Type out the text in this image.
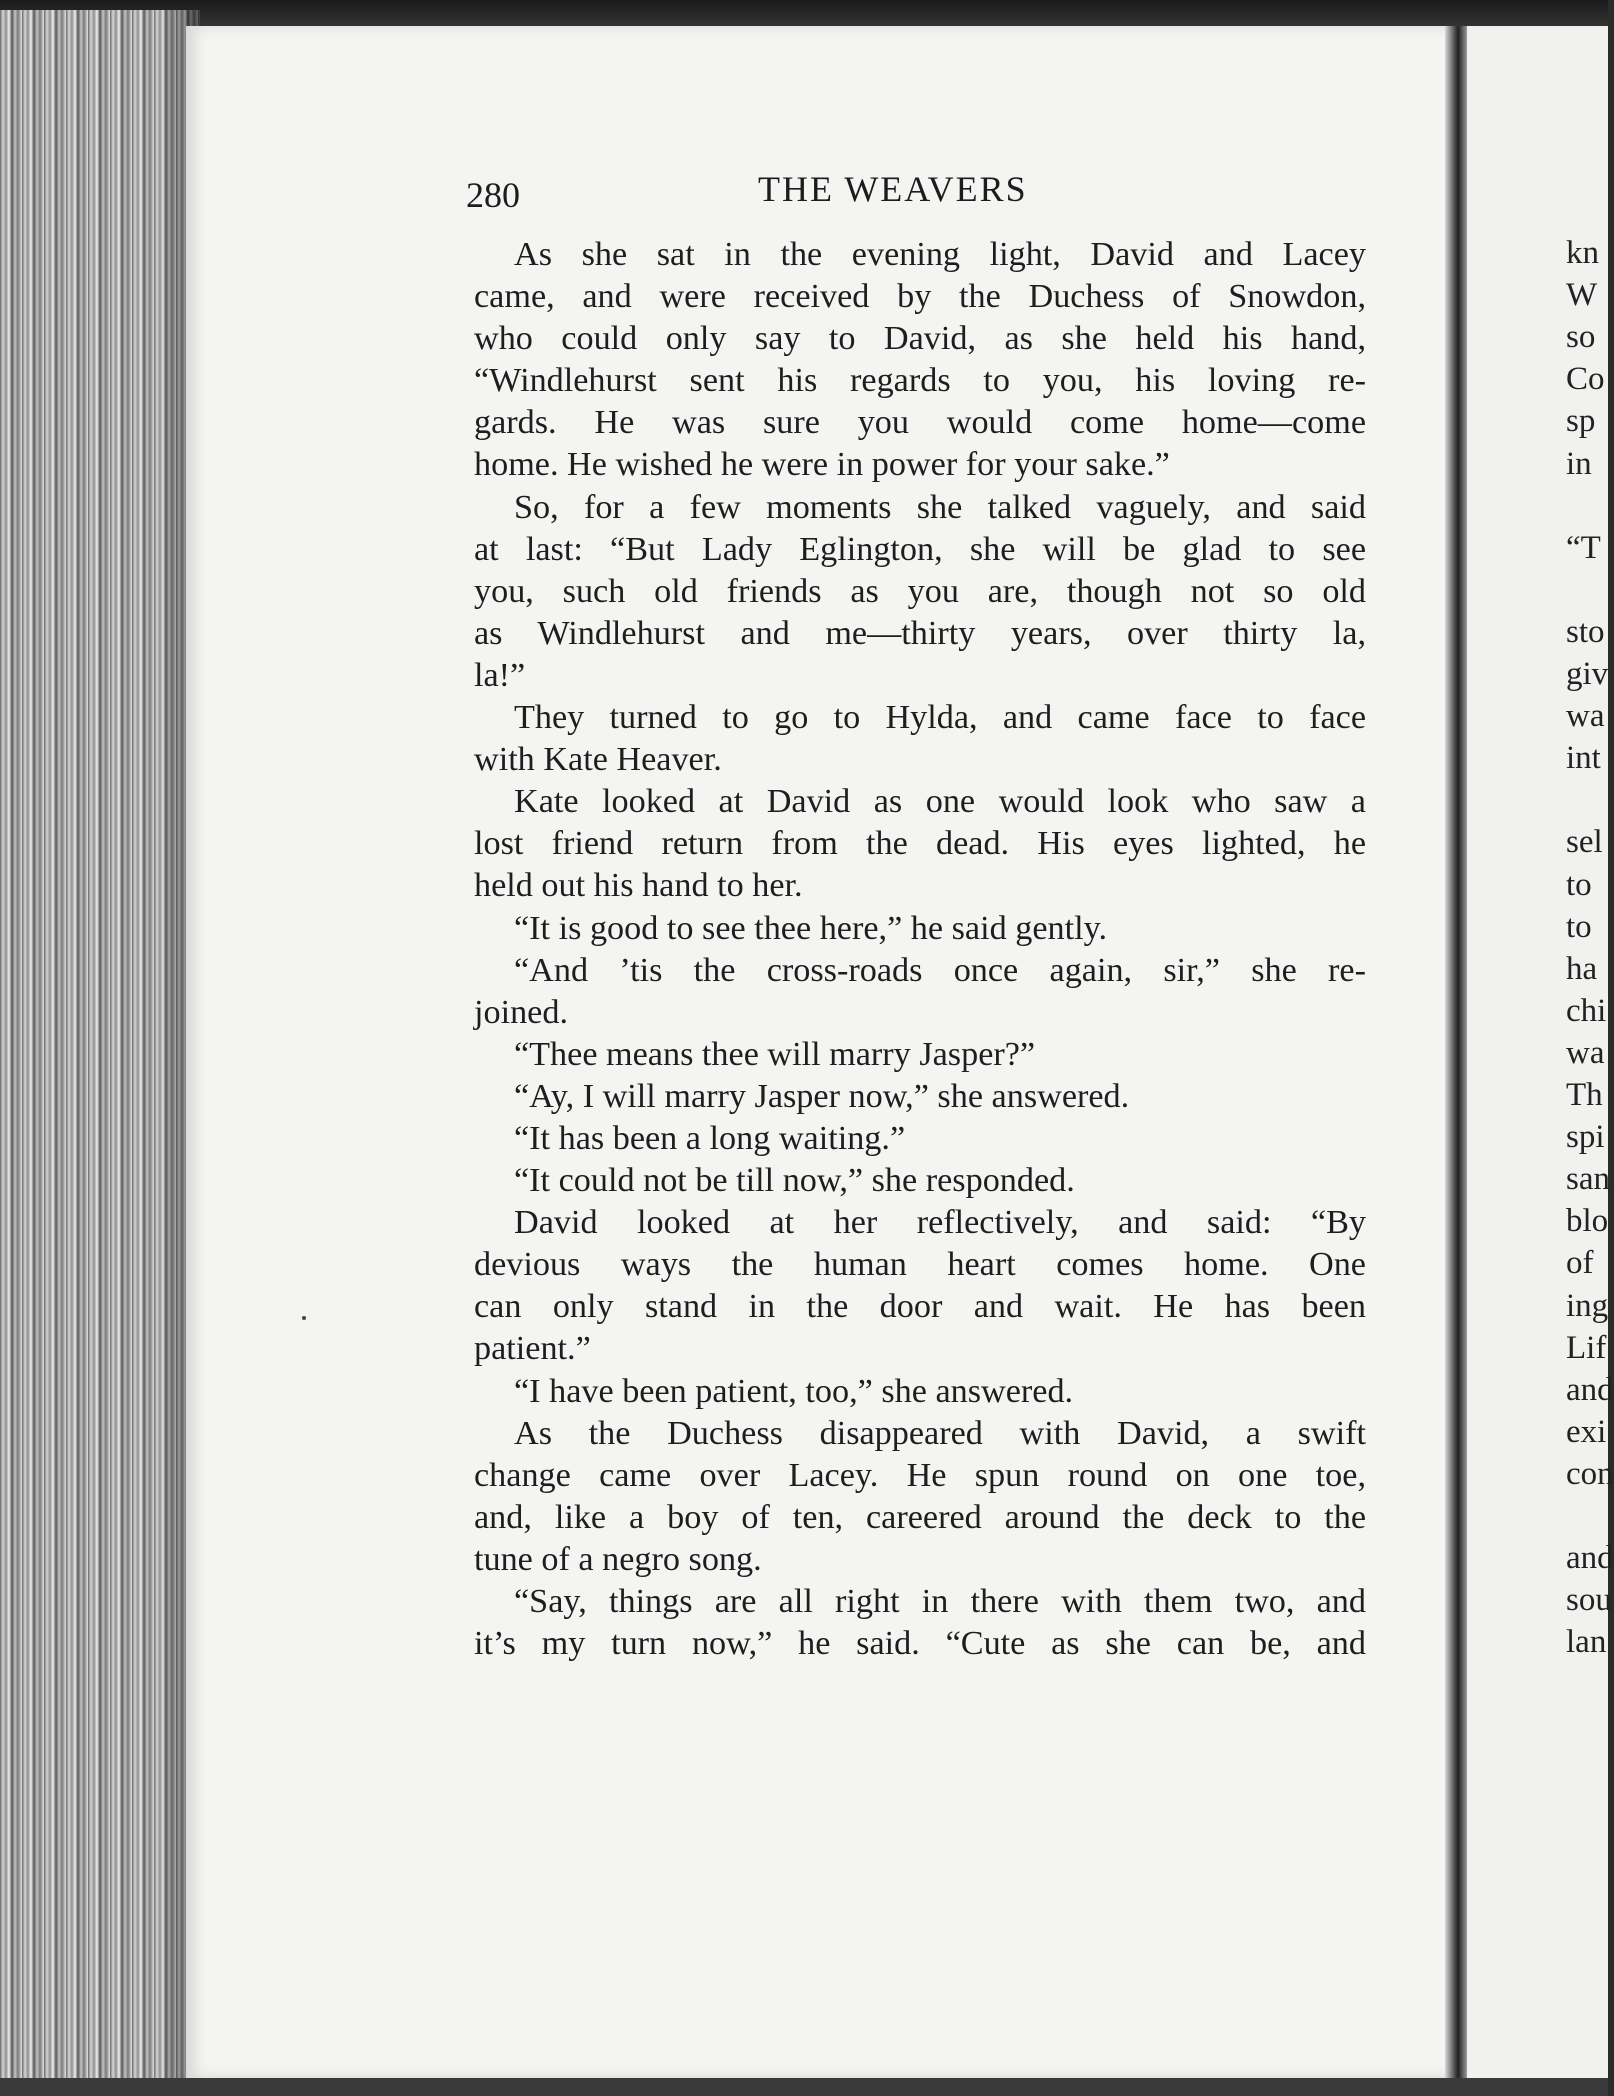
280	THE WEAVERS
As she sat in the evening light, David and Lacey
came, and were received by the Duchess of Snowdon,
who could only say to David, as she held his hand,
“Windlehurst sent his regards to you, his loving re-
gards. He was sure you would come home—come
home. He wished he were in power for your sake.”
So, for a few moments she talked vaguely, and said
at last: “But Lady Eglington, she will be glad to see
you, such old friends as you are, though not so old
as Windlehurst and me—thirty years, over thirty la,
la!”
They turned to go to Hylda, and came face to face
with Kate Heaver.
Kate looked at David as one would look who saw a
lost friend return from the dead. His eyes lighted, he
held out his hand to her.
“It is good to see thee here,” he said gently.
“And ’tis the cross-roads once again, sir,” she re-
joined.
“Thee means thee will marry Jasper?”
“Ay, I will marry Jasper now,” she answered.
“It has been a long waiting.”
“It could not be till now,” she responded.
David looked at her reflectively, and said: “By
devious ways the human heart comes home. One
can only stand in the door and wait. He has been
patient.”
“I have been patient, too,” she answered.
As the Duchess disappeared with David, a swift
change came over Lacey. He spun round on one toe,
and, like a boy of ten, careered around the deck to the
tune of a negro song.
“Say, things are all right in there with them two, and
it’s my turn now,” he said. “Cute as she can be, and
kn
W
so
Co
sp
in
“T
sto
giv
wa
int
sel
to
to
ha
chi
wa
Th
spi
san
blo
of
ing
Lif
and
exi
con
and
sou
lan
